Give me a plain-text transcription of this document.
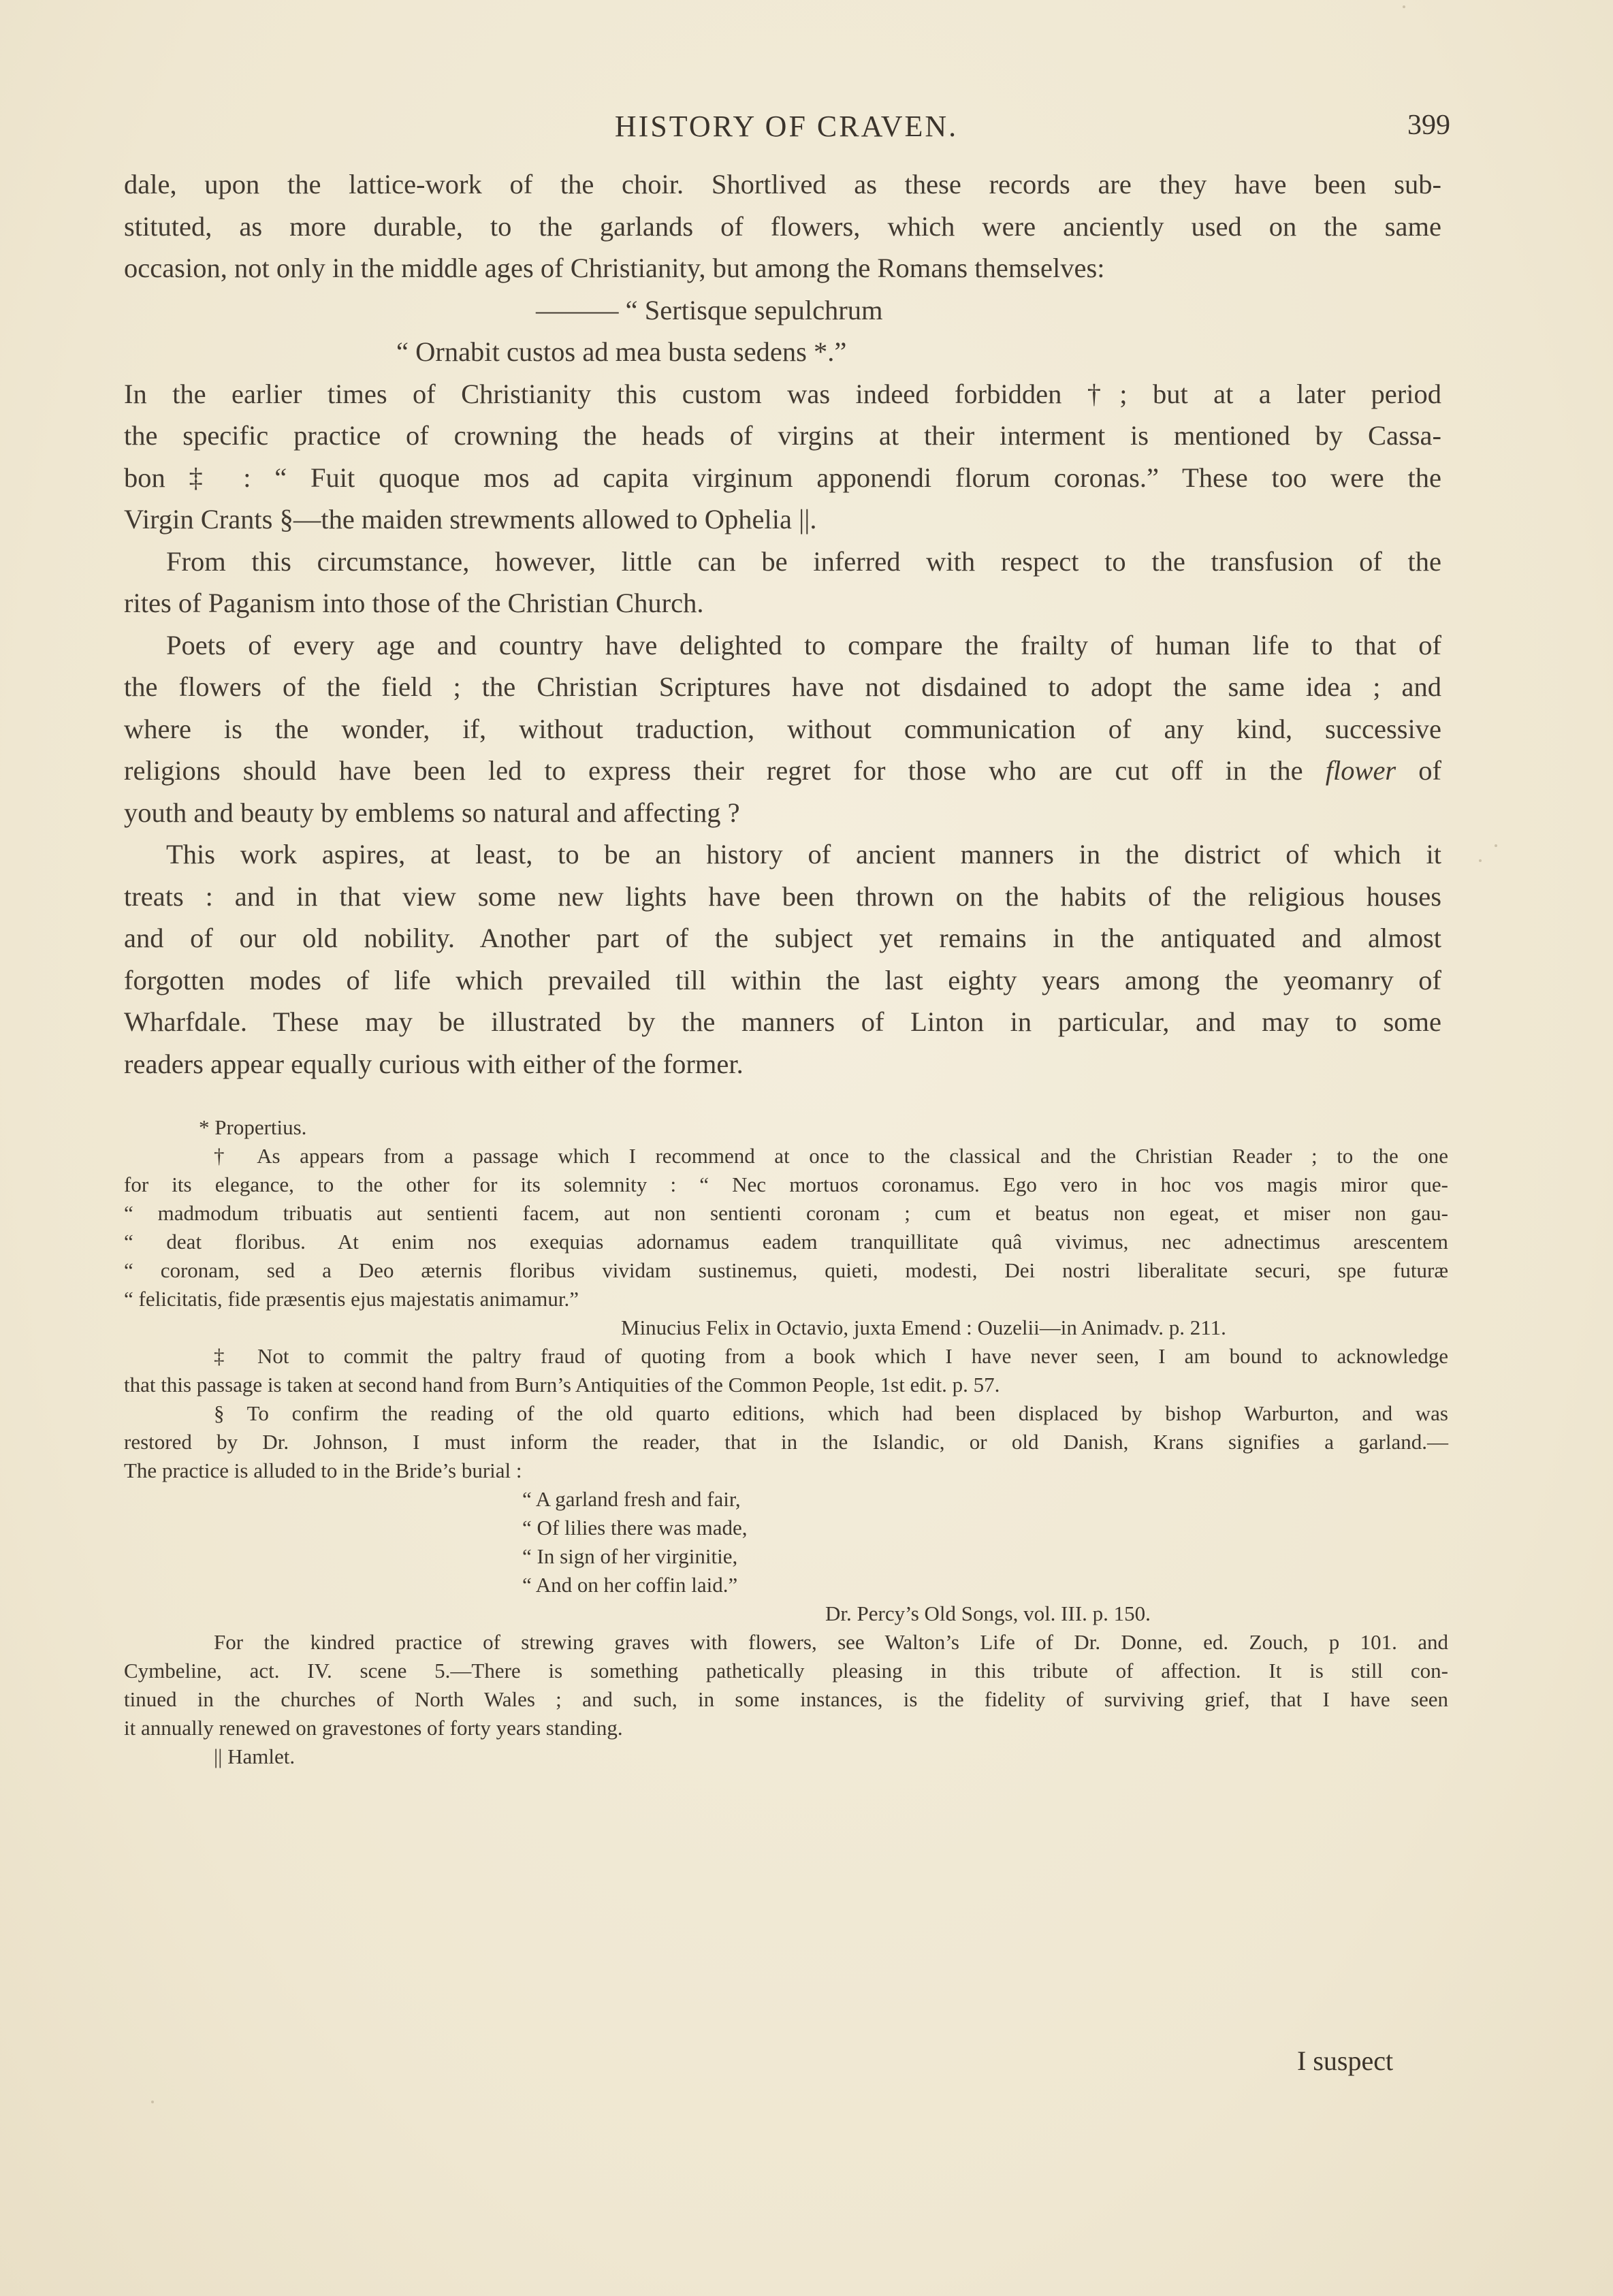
HISTORY OF CRAVEN.	399
dale, upon the lattice-work of the choir. Shortlived as these records are they have been sub-
stituted, as more durable, to the garlands of flowers, which were anciently used on the same
occasion, not only in the middle ages of Christianity, but among the Romans themselves:
——— “ Sertisque sepulchrum
“ Ornabit custos ad mea busta sedens *.”
In the earlier times of Christianity this custom was indeed forbidden †; but at a later period
the specific practice of crowning the heads of virgins at their interment is mentioned by Cassa-
bon ‡ : “ Fuit quoque mos ad capita virginum apponendi florum coronas.” These too were the
Virgin Crants §—the maiden strewments allowed to Ophelia ||.
From this circumstance, however, little can be inferred with respect to the transfusion of the
rites of Paganism into those of the Christian Church.
Poets of every age and country have delighted to compare the frailty of human life to that of
the flowers of the field ; the Christian Scriptures have not disdained to adopt the same idea ; and
where is the wonder, if, without traduction, without communication of any kind, successive
religions should have been led to express their regret for those who are cut off in the flower of
youth and beauty by emblems so natural and affecting ?
This work aspires, at least, to be an history of ancient manners in the district of which it
treats : and in that view some new lights have been thrown on the habits of the religious houses
and of our old nobility. Another part of the subject yet remains in the antiquated and almost
forgotten modes of life which prevailed till within the last eighty years among the yeomanry of
Wharfdale. These may be illustrated by the manners of Linton in particular, and may to some
readers appear equally curious with either of the former.
* Propertius.
† As appears from a passage which I recommend at once to the classical and the Christian Reader ; to the one
for its elegance, to the other for its solemnity : “ Nec mortuos coronamus. Ego vero in hoc vos magis miror que-
“ madmodum tribuatis aut sentienti facem, aut non sentienti coronam ; cum et beatus non egeat, et miser non gau-
“ deat floribus. At enim nos exequias adornamus eadem tranquillitate quâ vivimus, nec adnectimus arescentem
“ coronam, sed a Deo æternis floribus vividam sustinemus, quieti, modesti, Dei nostri liberalitate securi, spe futuræ
“ felicitatis, fide præsentis ejus majestatis animamur.”
Minucius Felix in Octavio, juxta Emend : Ouzelii—in Animadv. p. 211.
‡ Not to commit the paltry fraud of quoting from a book which I have never seen, I am bound to acknowledge
that this passage is taken at second hand from Burn’s Antiquities of the Common People, 1st edit. p. 57.
§ To confirm the reading of the old quarto editions, which had been displaced by bishop Warburton, and was
restored by Dr. Johnson, I must inform the reader, that in the Islandic, or old Danish, Krans signifies a garland.—
The practice is alluded to in the Bride’s burial :
“ A garland fresh and fair,
“ Of lilies there was made,
“ In sign of her virginitie,
“ And on her coffin laid.”
Dr. Percy’s Old Songs, vol. III. p. 150.
For the kindred practice of strewing graves with flowers, see Walton’s Life of Dr. Donne, ed. Zouch, p 101. and
Cymbeline, act. IV. scene 5.—There is something pathetically pleasing in this tribute of affection. It is still con-
tinued in the churches of North Wales ; and such, in some instances, is the fidelity of surviving grief, that I have seen
it annually renewed on gravestones of forty years standing.
|| Hamlet.
I suspect
